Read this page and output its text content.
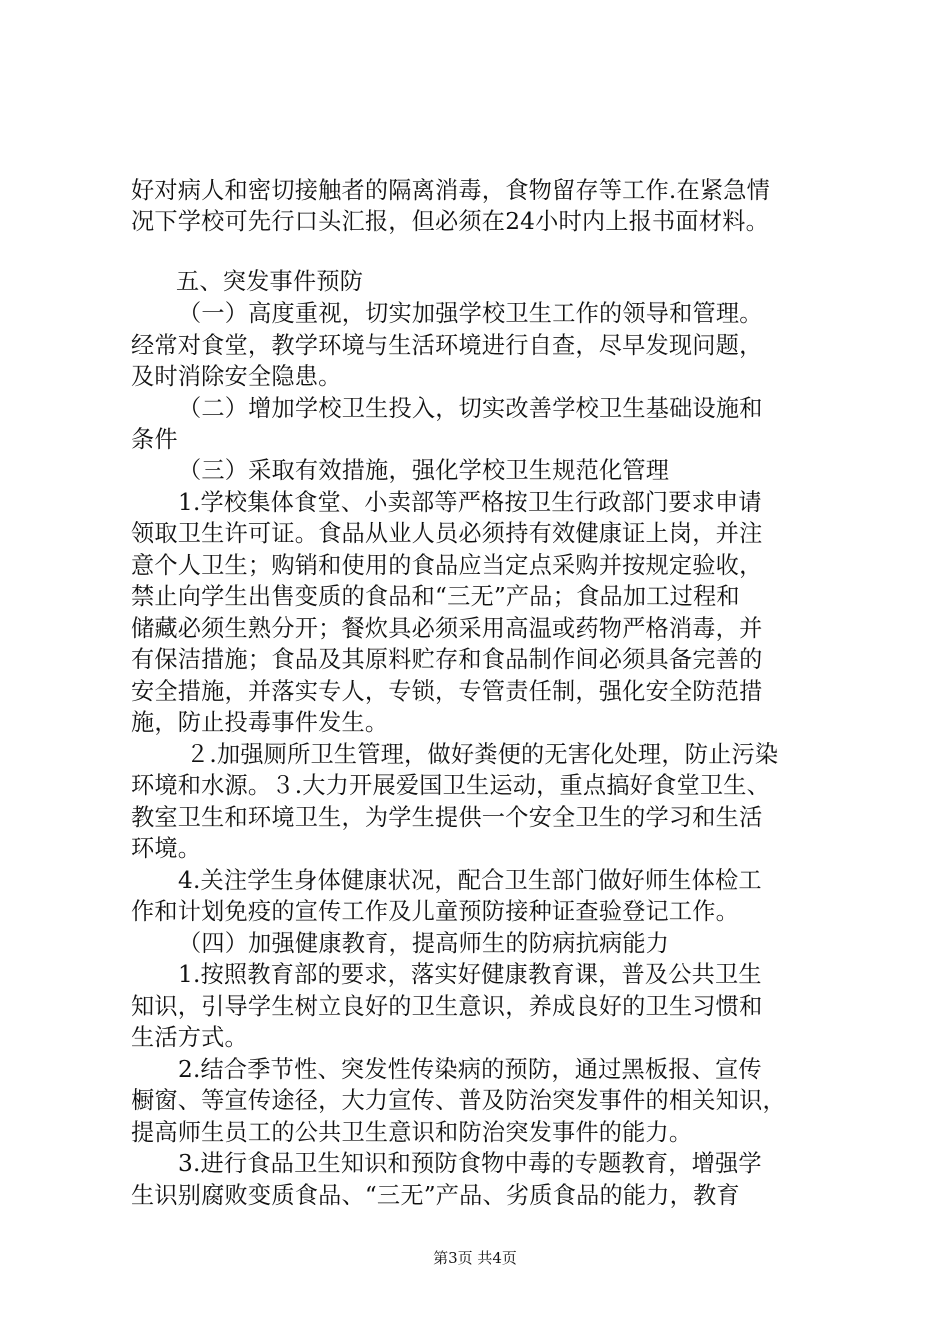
好对病人和密切接触者的隔离消毒，食物留存等工作.在紧急情
况下学校可先行口头汇报，但必须在24小时内上报书面材料。
五、突发事件预防
（一）高度重视，切实加强学校卫生工作的领导和管理。
经常对食堂，教学环境与生活环境进行自查，尽早发现问题，
及时消除安全隐患。
（二）增加学校卫生投入，切实改善学校卫生基础设施和
条件
（三）采取有效措施，强化学校卫生规范化管理
1.学校集体食堂、小卖部等严格按卫生行政部门要求申请
领取卫生许可证。食品从业人员必须持有效健康证上岗，并注
意个人卫生；购销和使用的食品应当定点采购并按规定验收，
禁止向学生出售变质的食品和“三无”产品；食品加工过程和
储藏必须生熟分开；餐炊具必须采用高温或药物严格消毒，并
有保洁措施；食品及其原料贮存和食品制作间必须具备完善的
安全措施，并落实专人，专锁，专管责任制，强化安全防范措
施，防止投毒事件发生。
２.加强厕所卫生管理，做好粪便的无害化处理，防止污染
环境和水源。３.大力开展爱国卫生运动，重点搞好食堂卫生、
教室卫生和环境卫生，为学生提供一个安全卫生的学习和生活
环境。
4.关注学生身体健康状况，配合卫生部门做好师生体检工
作和计划免疫的宣传工作及儿童预防接种证查验登记工作。
（四）加强健康教育，提高师生的防病抗病能力
1.按照教育部的要求，落实好健康教育课，普及公共卫生
知识，引导学生树立良好的卫生意识，养成良好的卫生习惯和
生活方式。
2.结合季节性、突发性传染病的预防，通过黑板报、宣传
橱窗、等宣传途径，大力宣传、普及防治突发事件的相关知识，
提高师生员工的公共卫生意识和防治突发事件的能力。
3.进行食品卫生知识和预防食物中毒的专题教育，增强学
生识别腐败变质食品、“三无”产品、劣质食品的能力，教育
第3页 共4页
